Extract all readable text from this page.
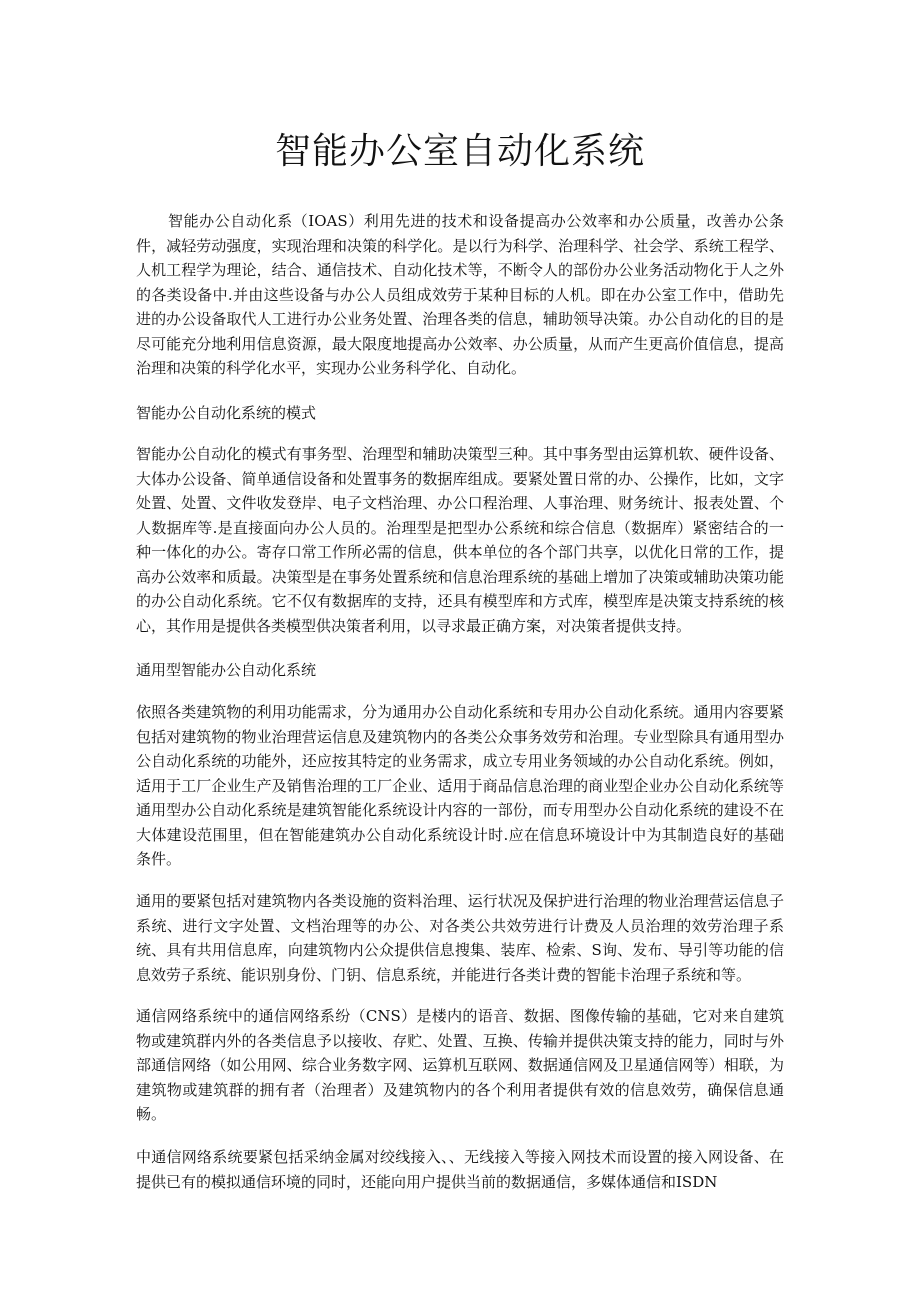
智能办公室自动化系统

智能办公自动化系（IOAS）利用先进的技术和设备提高办公效率和办公质量，改善办公条件，减轻劳动强度，实现治理和决策的科学化。是以行为科学、治理科学、社会学、系统工程学、人机工程学为理论，结合、通信技术、自动化技术等，不断令人的部份办公业务活动物化于人之外的各类设备中.并由这些设备与办公人员组成效劳于某种目标的人机。即在办公室工作中，借助先进的办公设备取代人工进行办公业务处置、治理各类的信息，辅助领导决策。办公自动化的目的是尽可能充分地利用信息资源，最大限度地提高办公效率、办公质量，从而产生更高价值信息，提高治理和决策的科学化水平，实现办公业务科学化、自动化。

智能办公自动化系统的模式

智能办公自动化的模式有事务型、治理型和辅助决策型三种。其中事务型由运算机软、硬件设备、大体办公设备、简单通信设备和处置事务的数据库组成。要紧处置日常的办、公操作，比如，文字处置、处置、文件收发登岸、电子文档治理、办公口程治理、人事治理、财务统计、报表处置、个人数据库等.是直接面向办公人员的。治理型是把型办公系统和综合信息（数据库）紧密结合的一种一体化的办公。寄存口常工作所必需的信息，供本单位的各个部门共享，以优化日常的工作，提高办公效率和质最。决策型是在事务处置系统和信息治理系统的基础上增加了决策或辅助决策功能的办公自动化系统。它不仅有数据库的支持，还具有模型库和方式库，模型库是决策支持系统的核心，其作用是提供各类模型供决策者利用，以寻求最正确方案，对决策者提供支持。

通用型智能办公自动化系统

依照各类建筑物的利用功能需求，分为通用办公自动化系统和专用办公自动化系统。通用内容要紧包括对建筑物的物业治理营运信息及建筑物内的各类公众事务效劳和治理。专业型除具有通用型办公自动化系统的功能外，还应按其特定的业务需求，成立专用业务领域的办公自动化系统。例如，适用于工厂企业生产及销售治理的工厂企业、适用于商品信息治理的商业型企业办公自动化系统等通用型办公自动化系统是建筑智能化系统设计内容的一部份，而专用型办公自动化系统的建设不在大体建设范围里，但在智能建筑办公自动化系统设计时.应在信息环境设计中为其制造良好的基础条件。

通用的要紧包括对建筑物内各类设施的资料治理、运行状况及保护进行治理的物业治理营运信息子系统、进行文字处置、文档治理等的办公、对各类公共效劳进行计费及人员治理的效劳治理子系统、具有共用信息库，向建筑物内公众提供信息搜集、装库、检索、S询、发布、导引等功能的信息效劳子系统、能识别身份、门钥、信息系统，并能进行各类计费的智能卡治理子系统和等。

通信网络系统中的通信网络系纷（CNS）是楼内的语音、数据、图像传输的基础，它对来自建筑物或建筑群内外的各类信息予以接收、存贮、处置、互换、传输并提供决策支持的能力，同时与外部通信网络（如公用网、综合业务数字网、运算机互联网、数据通信网及卫星通信网等）相联，为建筑物或建筑群的拥有者（治理者）及建筑物内的各个利用者提供有效的信息效劳，确保信息通畅。

中通信网络系统要紧包括采纳金属对绞线接入、、无线接入等接入网技术而设置的接入网设备、在提供已有的模拟通信环境的同时，还能向用户提供当前的数据通信，多媒体通信和ISDN
